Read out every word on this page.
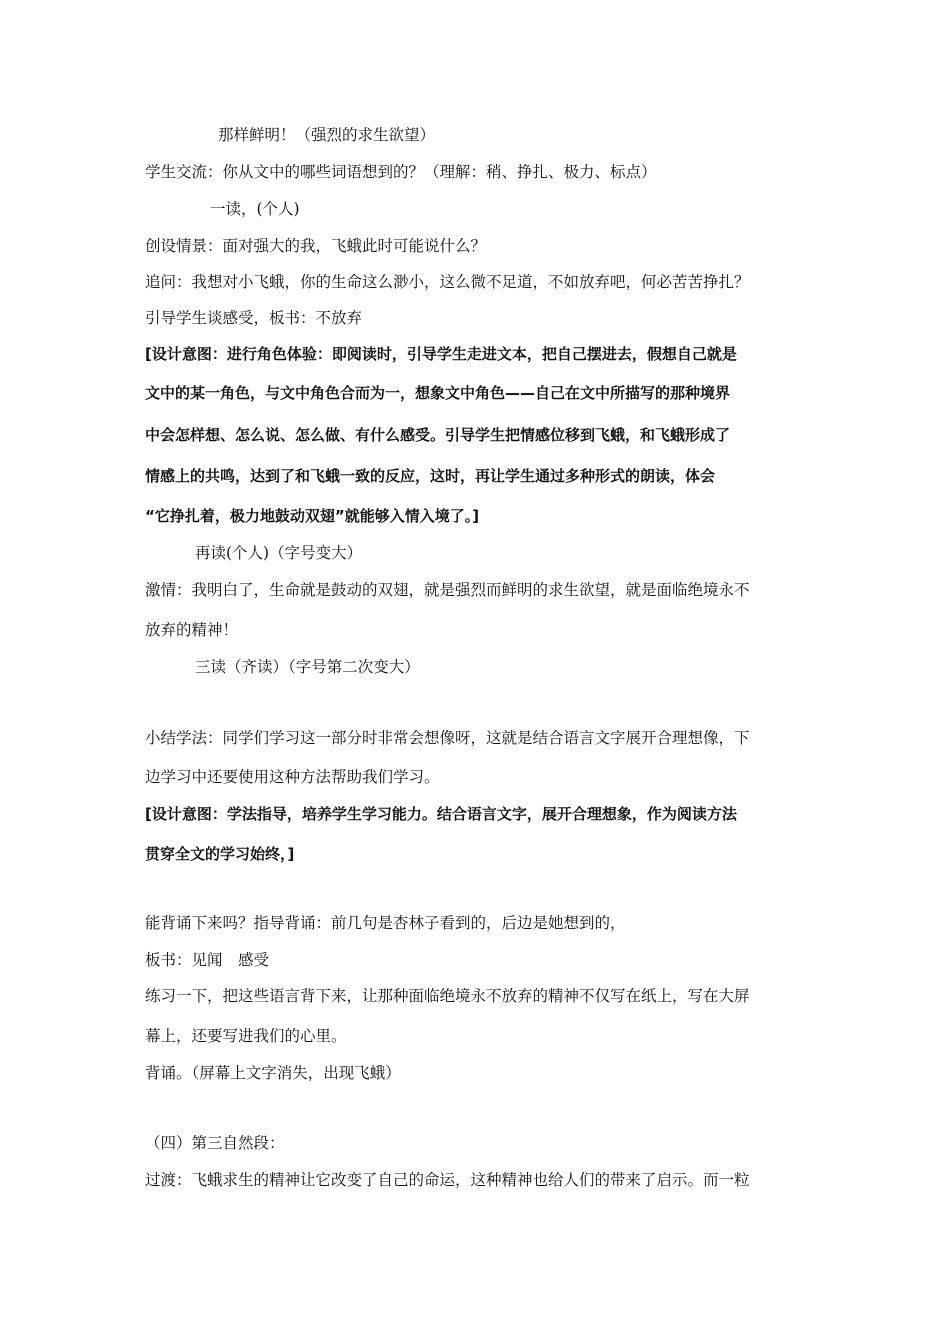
那样鲜明！（强烈的求生欲望）
学生交流：你从文中的哪些词语想到的？（理解：稍、挣扎、极力、标点）
一读，(个人)
创设情景：面对强大的我，飞蛾此时可能说什么？
追问：我想对小飞蛾，你的生命这么渺小，这么微不足道，不如放弃吧，何必苦苦挣扎？
引导学生谈感受，板书：不放弃
[设计意图：进行角色体验：即阅读时，引导学生走进文本，把自己摆进去，假想自己就是
文中的某一角色，与文中角色合而为一，想象文中角色——自己在文中所描写的那种境界
中会怎样想、怎么说、怎么做、有什么感受。引导学生把情感位移到飞蛾，和飞蛾形成了
情感上的共鸣，达到了和飞蛾一致的反应，这时，再让学生通过多种形式的朗读，体会
“它挣扎着，极力地鼓动双翅”就能够入情入境了。]
再读(个人)（字号变大）
激情：我明白了，生命就是鼓动的双翅，就是强烈而鲜明的求生欲望，就是面临绝境永不
放弃的精神！
三读（齐读）（字号第二次变大）
小结学法：同学们学习这一部分时非常会想像呀，这就是结合语言文字展开合理想像，下
边学习中还要使用这种方法帮助我们学习。
[设计意图：学法指导，培养学生学习能力。结合语言文字，展开合理想象，作为阅读方法
贯穿全文的学习始终，]
能背诵下来吗？指导背诵：前几句是杏林子看到的，后边是她想到的，
板书：见闻　感受
练习一下，把这些语言背下来，让那种面临绝境永不放弃的精神不仅写在纸上，写在大屏
幕上，还要写进我们的心里。
背诵。（屏幕上文字消失，出现飞蛾）
（四）第三自然段：
过渡：飞蛾求生的精神让它改变了自己的命运，这种精神也给人们的带来了启示。而一粒
